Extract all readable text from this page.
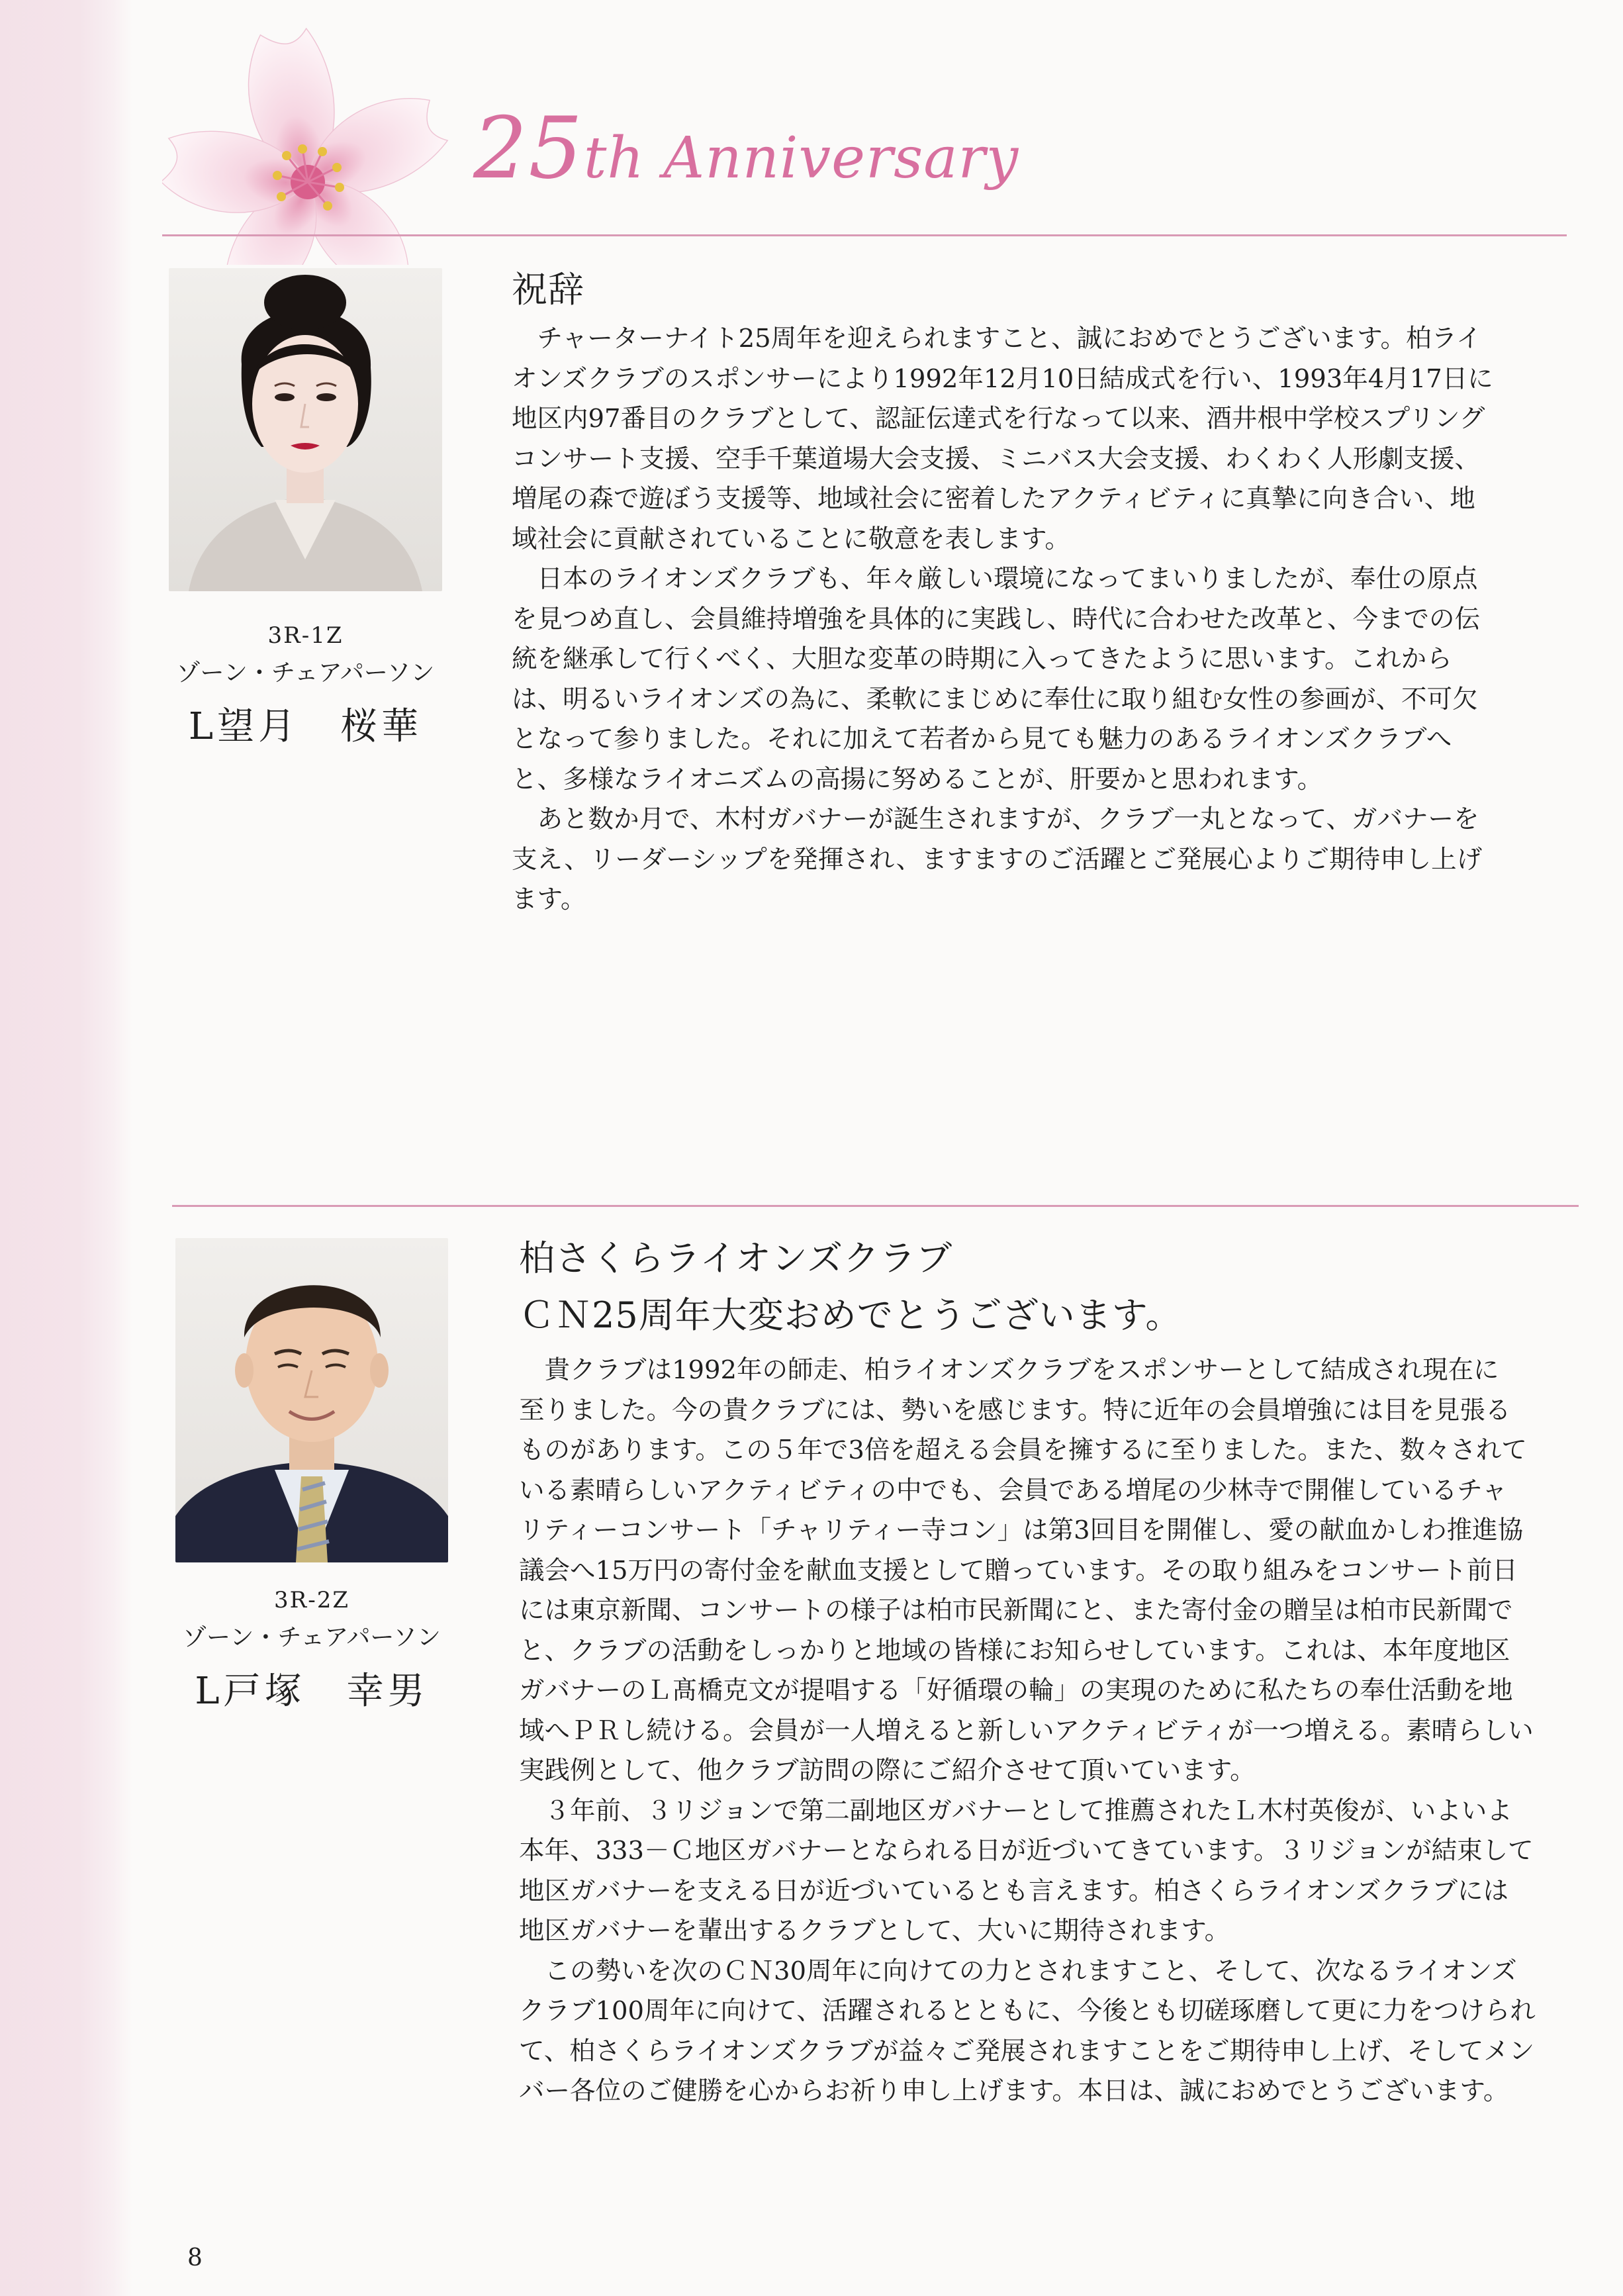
25th Anniversary
3R-1Z
ゾーン・チェアパーソン
L望月　桜華
祝辞
　チャーターナイト25周年を迎えられますこと、誠におめでとうございます。柏ライ
オンズクラブのスポンサーにより1992年12月10日結成式を行い、1993年4月17日に
地区内97番目のクラブとして、認証伝達式を行なって以来、酒井根中学校スプリング
コンサート支援、空手千葉道場大会支援、ミニバス大会支援、わくわく人形劇支援、
増尾の森で遊ぼう支援等、地域社会に密着したアクティビティに真摯に向き合い、地
域社会に貢献されていることに敬意を表します。
　日本のライオンズクラブも、年々厳しい環境になってまいりましたが、奉仕の原点
を見つめ直し、会員維持増強を具体的に実践し、時代に合わせた改革と、今までの伝
統を継承して行くべく、大胆な変革の時期に入ってきたように思います。これから
は、明るいライオンズの為に、柔軟にまじめに奉仕に取り組む女性の参画が、不可欠
となって参りました。それに加えて若者から見ても魅力のあるライオンズクラブへ
と、多様なライオニズムの高揚に努めることが、肝要かと思われます。
　あと数か月で、木村ガバナーが誕生されますが、クラブ一丸となって、ガバナーを
支え、リーダーシップを発揮され、ますますのご活躍とご発展心よりご期待申し上げ
ます。
3R-2Z
ゾーン・チェアパーソン
L戸塚　幸男
柏さくらライオンズクラブ
ＣＮ25周年大変おめでとうございます。
　貴クラブは1992年の師走、柏ライオンズクラブをスポンサーとして結成され現在に
至りました。今の貴クラブには、勢いを感じます。特に近年の会員増強には目を見張る
ものがあります。この５年で3倍を超える会員を擁するに至りました。また、数々されて
いる素晴らしいアクティビティの中でも、会員である増尾の少林寺で開催しているチャ
リティーコンサート「チャリティー寺コン」は第3回目を開催し、愛の献血かしわ推進協
議会へ15万円の寄付金を献血支援として贈っています。その取り組みをコンサート前日
には東京新聞、コンサートの様子は柏市民新聞にと、また寄付金の贈呈は柏市民新聞で
と、クラブの活動をしっかりと地域の皆様にお知らせしています。これは、本年度地区
ガバナーのＬ髙橋克文が提唱する「好循環の輪」の実現のために私たちの奉仕活動を地
域へＰＲし続ける。会員が一人増えると新しいアクティビティが一つ増える。素晴らしい
実践例として、他クラブ訪問の際にご紹介させて頂いています。
　３年前、３リジョンで第二副地区ガバナーとして推薦されたＬ木村英俊が、いよいよ
本年、333－Ｃ地区ガバナーとなられる日が近づいてきています。３リジョンが結束して
地区ガバナーを支える日が近づいているとも言えます。柏さくらライオンズクラブには
地区ガバナーを輩出するクラブとして、大いに期待されます。
　この勢いを次のＣＮ30周年に向けての力とされますこと、そして、次なるライオンズ
クラブ100周年に向けて、活躍されるとともに、今後とも切磋琢磨して更に力をつけられ
て、柏さくらライオンズクラブが益々ご発展されますことをご期待申し上げ、そしてメン
バー各位のご健勝を心からお祈り申し上げます。本日は、誠におめでとうございます。
8
